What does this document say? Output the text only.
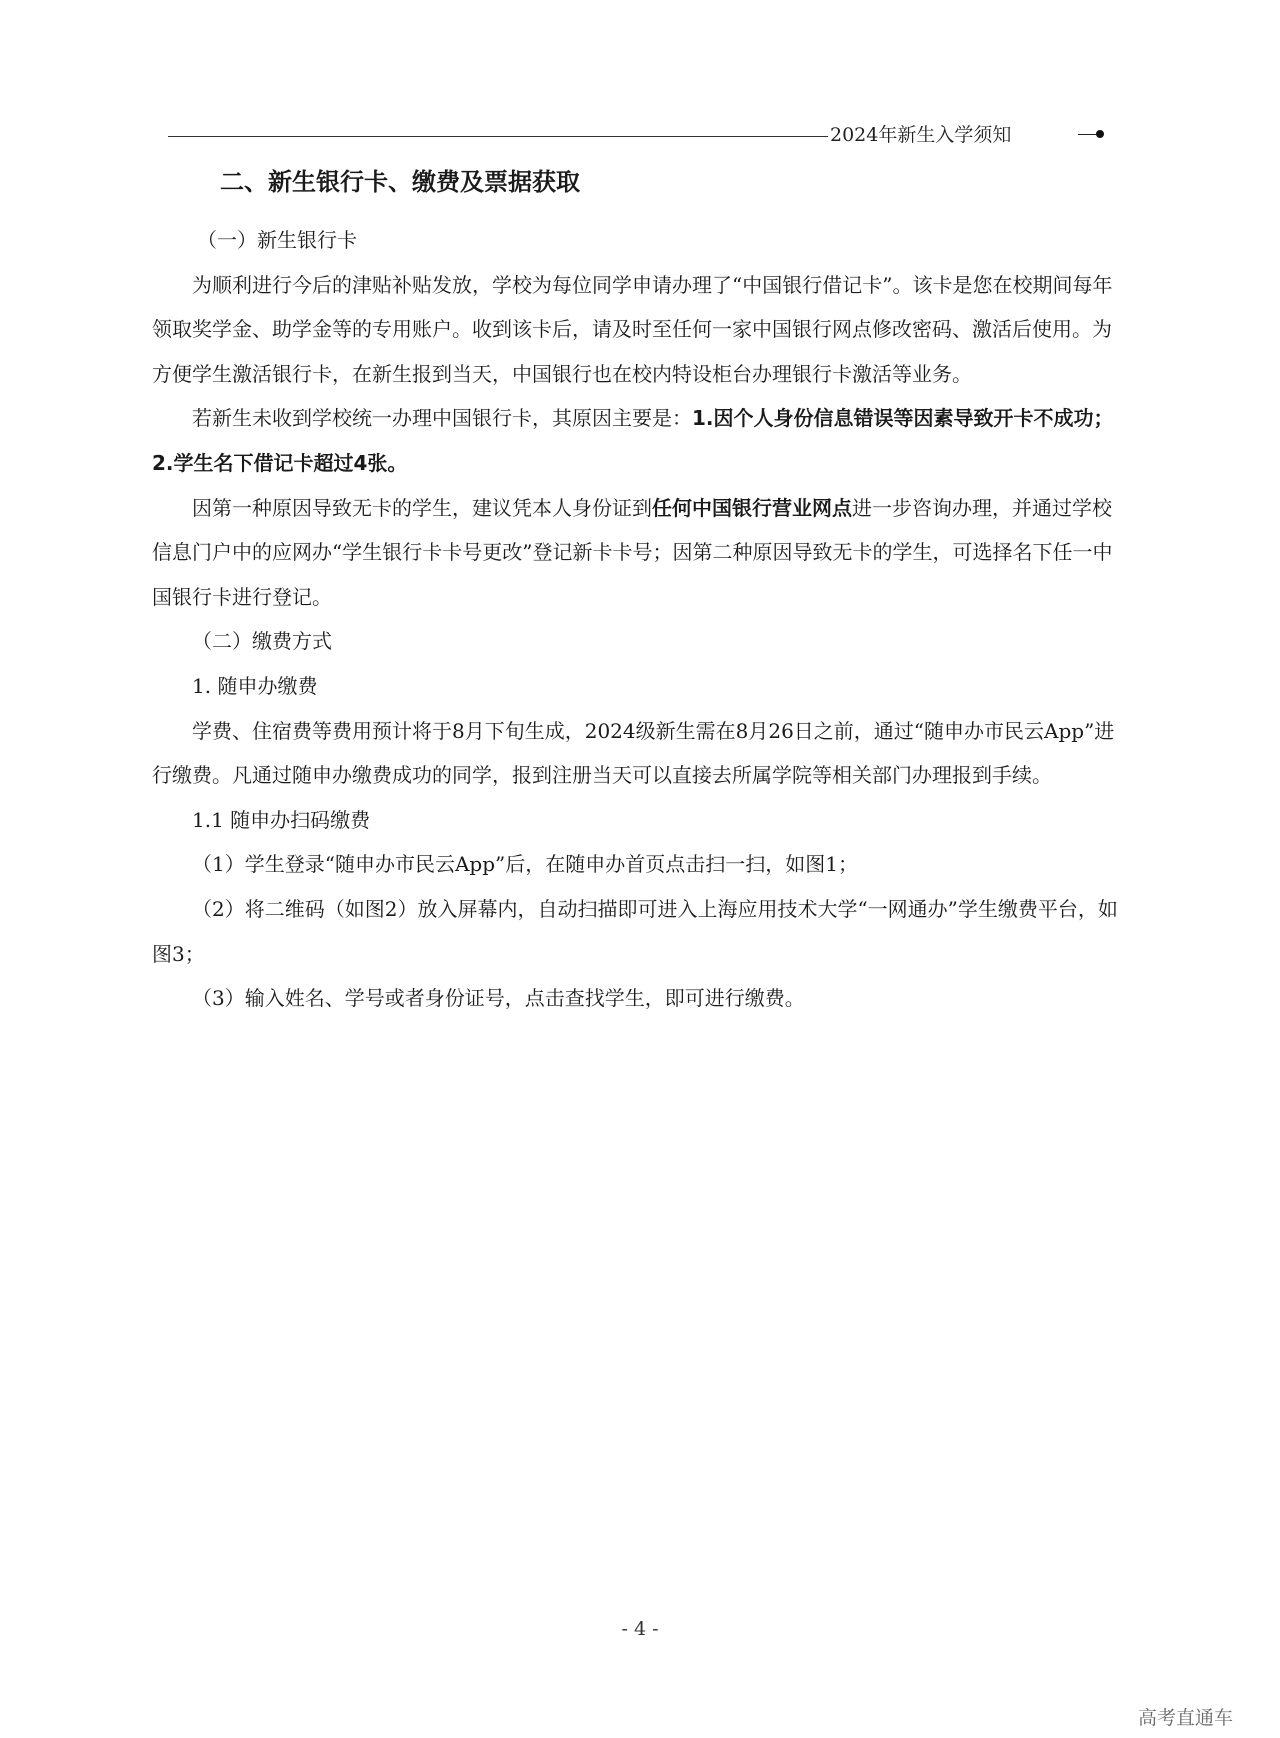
2024年新生入学须知
二、新生银行卡、缴费及票据获取

（一）新生银行卡

为顺利进行今后的津贴补贴发放，学校为每位同学申请办理了“中国银行借记卡”。该卡是您在校期间每年领取奖学金、助学金等的专用账户。收到该卡后，请及时至任何一家中国银行网点修改密码、激活后使用。为方便学生激活银行卡，在新生报到当天，中国银行也在校内特设柜台办理银行卡激活等业务。

若新生未收到学校统一办理中国银行卡，其原因主要是：1.因个人身份信息错误等因素导致开卡不成功；2.学生名下借记卡超过4张。

因第一种原因导致无卡的学生，建议凭本人身份证到任何中国银行营业网点进一步咨询办理，并通过学校信息门户中的应网办“学生银行卡卡号更改”登记新卡卡号；因第二种原因导致无卡的学生，可选择名下任一中国银行卡进行登记。

（二）缴费方式

1. 随申办缴费

学费、住宿费等费用预计将于8月下旬生成，2024级新生需在8月26日之前，通过“随申办市民云App”进行缴费。凡通过随申办缴费成功的同学，报到注册当天可以直接去所属学院等相关部门办理报到手续。

1.1 随申办扫码缴费

（1）学生登录“随申办市民云App”后，在随申办首页点击扫一扫，如图1；

（2）将二维码（如图2）放入屏幕内，自动扫描即可进入上海应用技术大学“一网通办”学生缴费平台，如图3；

（3）输入姓名、学号或者身份证号，点击查找学生，即可进行缴费。

- 4 -
高考直通车
